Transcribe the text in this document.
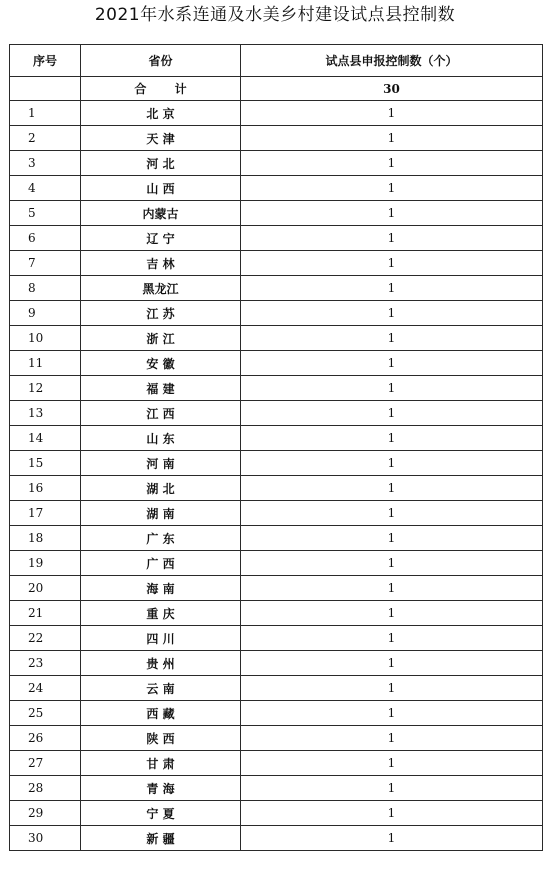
2021年水系连通及水美乡村建设试点县控制数
序号	省份	试点县申报控制数（个）
	合 计	30
1	北 京	1
2	天 津	1
3	河 北	1
4	山 西	1
5	内蒙古	1
6	辽 宁	1
7	吉 林	1
8	黑龙江	1
9	江 苏	1
10	浙 江	1
11	安 徽	1
12	福 建	1
13	江 西	1
14	山 东	1
15	河 南	1
16	湖 北	1
17	湖 南	1
18	广 东	1
19	广 西	1
20	海 南	1
21	重 庆	1
22	四 川	1
23	贵 州	1
24	云 南	1
25	西 藏	1
26	陕 西	1
27	甘 肃	1
28	青 海	1
29	宁 夏	1
30	新 疆	1
